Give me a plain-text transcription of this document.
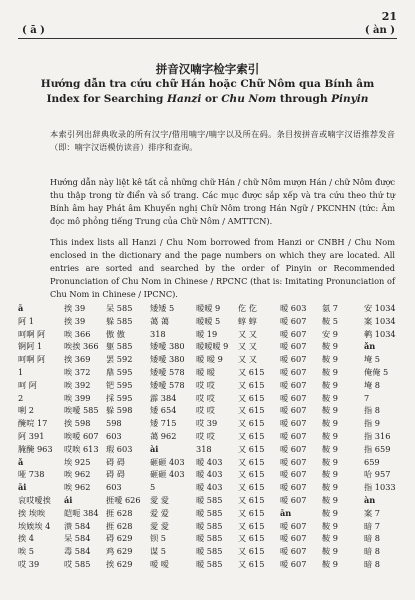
21
( ā )	( àn )
拼音汉喃字检字索引
Hướng dẫn tra cứu chữ Hán hoặc Chữ Nôm qua Bính âm
Index for Searching Hanzi or Chu Nom through Pinyin
本索引列出辞典收录的所有汉字/借用喃字/喃字以及所在码。条目按拼音或喃字汉语推荐发音（即：喃字汉语模仿读音）排序和查询。
Hướng dẫn này liệt kê tất cả những chữ Hán / chữ Nôm mượn Hán / chữ Nôm được thu thập trong từ điển và số trang. Các mục được sắp xếp và tra cứu theo thứ tự Bính âm hay Phát âm Khuyến nghị Chữ Nôm trong Hán Ngữ / PKCNHN (tức: Âm đọc mô phỏng tiếng Trung của Chữ Nôm / AMTTCN).
This index lists all Hanzi / Chu Nom borrowed from Hanzi or CNBH / Chu Nom enclosed in the dictionary and the page numbers on which they are located. All entries are sorted and searched by the order of Pinyin or Recommended Pronunciation of Chu Nom in Chinese / RPCNC (that is: Imitating Pronunciation of Chu Nom in Chinese / IPCNC).
ā
阿 1
呵啊 阿
锕阿 1
呵啊 阿
1
呵 阿
2
唎 2
醃唍 17
阿 391
腌醃 963
ǎ
哑 738
āi
哀哎噯挨
挨 埃唉
埃娭埃 4
挨 4
唉 5
哎 39
挨 39
挨 39
唉 366
唉挨 366
挨 369
唉 372
唉 392
唉 399
唉噯 585
挨 598
唉嗳 607
哎唉 613
埃 925
唉 962
唉 962
ái
皑呃 384
溃 584
呆 584
毒 584
哎 585
呆 585
躲 585
傲 傲
躯 585
罢 592
鼎 595
钯 595
採 595
躲 598
598
603
瑕 603
碍 碍
碍 碍
603
捱噯 626
捱 628
捱 628
碍 629
鸡 629
挨 629
矮矮 5
蔼 蔼
318
矮噯 380
矮噯 380
矮噯 578
矮噯 578
霹 384
矮 654
矮 715
蔼 962
ài
砸砸 403
砸砸 403
5
愛 愛
爱 爱
愛 愛
钡 5
谋 5
嗳 嗳
暧暧 9
暧暧 5
暧 19
暧暧暧 9
暧 暧 9
暧 暧
哎 哎
哎 哎
哎 哎
哎 39
哎 哎
318
暧 403
暧 403
暧 403
暧 585
暧 585
暧 585
暧 585
暧 585
暧 585
仡 仡
蜳 蜳
又 又
又 又
又 又
又 615
又 615
又 615
又 615
又 615
又 615
又 615
又 615
又 615
又 615
又 615
又 615
又 615
又 615
又 615
又 615
暧 603
嗳 607
嗳 607
嗳 607
嗳 607
嗳 607
嗳 607
嗳 607
嗳 607
嗳 607
嗳 607
嗳 607
嗳 607
嗳 607
嗳 607
嗳 607
ān
嗳 607
嗳 607
嗳 607
嗳 607
氨 7
鞍 5
安 9
鞍 9
鞍 9
鞍 9
鞍 9
鞍 9
鞍 9
鞍 9
鞍 9
鞍 9
鞍 9
鞍 9
鞍 9
鞍 9
鞍 9
鞍 9
鞍 9
鞍 9
鞍 9
安 1034
案 1034
鹌 1034
ǎn
埯 5
俺俺 5
埯 8
7
指 8
指 9
指 316
指 659
659
哈 957
指 1033
àn
案 7
暗 7
暗 8
暗 8
暗 8
